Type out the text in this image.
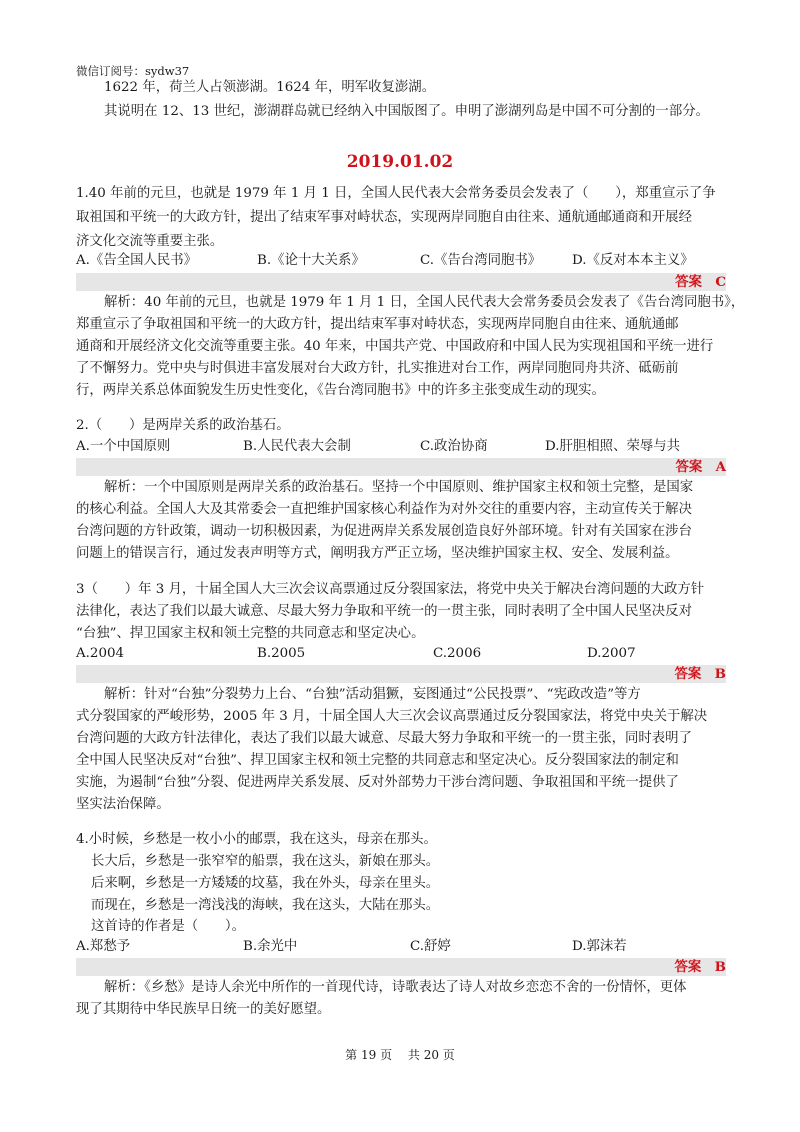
微信订阅号：sydw37
1622 年，荷兰人占领澎湖。1624 年，明军收复澎湖。
其说明在 12、13 世纪，澎湖群岛就已经纳入中国版图了。申明了澎湖列岛是中国不可分割的一部分。
2019.01.02
1.40 年前的元旦，也就是 1979 年 1 月 1 日，全国人民代表大会常务委员会发表了（　　），郑重宣示了争
取祖国和平统一的大政方针，提出了结束军事对峙状态，实现两岸同胞自由往来、通航通邮通商和开展经
济文化交流等重要主张。
A.《告全国人民书》	B.《论十大关系》	C.《告台湾同胞书》 D.《反对本本主义》
答案　C
解析：40 年前的元旦，也就是 1979 年 1 月 1 日，全国人民代表大会常务委员会发表了《告台湾同胞书》，
郑重宣示了争取祖国和平统一的大政方针，提出结束军事对峙状态，实现两岸同胞自由往来、通航通邮
通商和开展经济文化交流等重要主张。40 年来，中国共产党、中国政府和中国人民为实现祖国和平统一进行
了不懈努力。党中央与时俱进丰富发展对台大政方针，扎实推进对台工作，两岸同胞同舟共济、砥砺前
行，两岸关系总体面貌发生历史性变化，《告台湾同胞书》中的许多主张变成生动的现实。
2.（　　）是两岸关系的政治基石。
A.一个中国原则	B.人民代表大会制	C.政治协商	D.肝胆相照、荣辱与共
答案　A
解析：一个中国原则是两岸关系的政治基石。坚持一个中国原则、维护国家主权和领土完整，是国家
的核心利益。全国人大及其常委会一直把维护国家核心利益作为对外交往的重要内容，主动宣传关于解决
台湾问题的方针政策，调动一切积极因素，为促进两岸关系发展创造良好外部环境。针对有关国家在涉台
问题上的错误言行，通过发表声明等方式，阐明我方严正立场，坚决维护国家主权、安全、发展利益。
3（　　）年 3 月，十届全国人大三次会议高票通过反分裂国家法，将党中央关于解决台湾问题的大政方针
法律化，表达了我们以最大诚意、尽最大努力争取和平统一的一贯主张，同时表明了全中国人民坚决反对
“台独”、捍卫国家主权和领土完整的共同意志和坚定决心。
A.2004	B.2005	C.2006	D.2007
答案　B
解析：针对“台独”分裂势力上台、“台独”活动猖獗，妄图通过“公民投票”、“宪政改造”等方
式分裂国家的严峻形势，2005 年 3 月，十届全国人大三次会议高票通过反分裂国家法，将党中央关于解决
台湾问题的大政方针法律化，表达了我们以最大诚意、尽最大努力争取和平统一的一贯主张，同时表明了
全中国人民坚决反对“台独”、捍卫国家主权和领土完整的共同意志和坚定决心。反分裂国家法的制定和
实施，为遏制“台独”分裂、促进两岸关系发展、反对外部势力干涉台湾问题、争取祖国和平统一提供了
坚实法治保障。
4.小时候，乡愁是一枚小小的邮票，我在这头，母亲在那头。
长大后，乡愁是一张窄窄的船票，我在这头，新娘在那头。
后来啊，乡愁是一方矮矮的坟墓，我在外头，母亲在里头。
而现在，乡愁是一湾浅浅的海峡，我在这头，大陆在那头。
这首诗的作者是（　　）。
A.郑愁予	B.余光中	C.舒婷	D.郭沫若
答案　B
解析：《乡愁》是诗人余光中所作的一首现代诗，诗歌表达了诗人对故乡恋恋不舍的一份情怀，更体
现了其期待中华民族早日统一的美好愿望。
第 19 页 共 20 页
